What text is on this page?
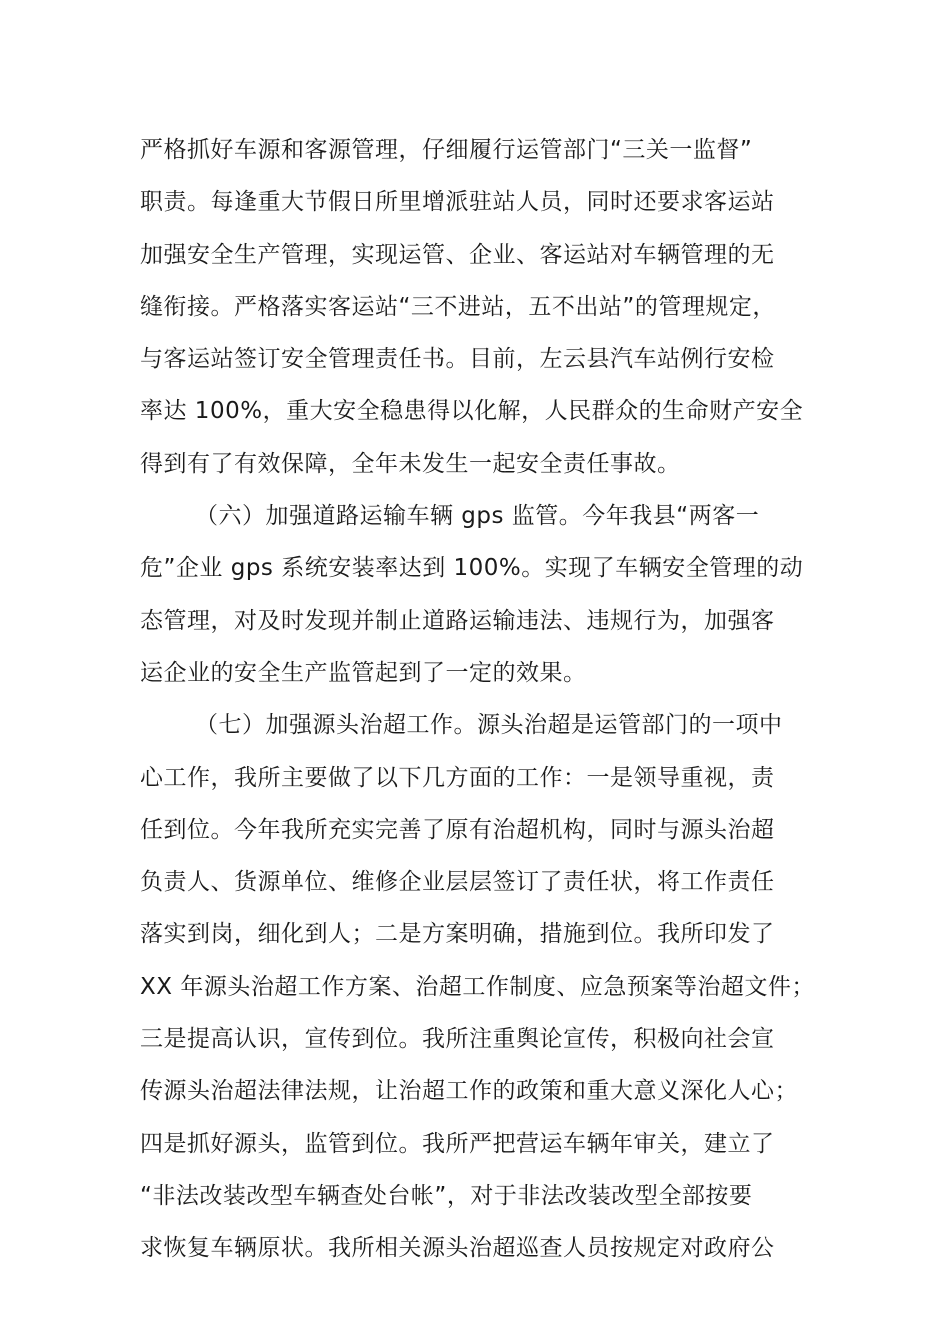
严格抓好车源和客源管理，仔细履行运管部门“三关一监督”
职责。每逢重大节假日所里增派驻站人员，同时还要求客运站
加强安全生产管理，实现运管、企业、客运站对车辆管理的无
缝衔接。严格落实客运站“三不进站，五不出站”的管理规定，
与客运站签订安全管理责任书。目前，左云县汽车站例行安检
率达 100%，重大安全稳患得以化解，人民群众的生命财产安全
得到有了有效保障，全年未发生一起安全责任事故。
（六）加强道路运输车辆 gps 监管。今年我县“两客一
危”企业 gps 系统安装率达到 100%。实现了车辆安全管理的动
态管理，对及时发现并制止道路运输违法、违规行为，加强客
运企业的安全生产监管起到了一定的效果。
（七）加强源头治超工作。源头治超是运管部门的一项中
心工作，我所主要做了以下几方面的工作：一是领导重视，责
任到位。今年我所充实完善了原有治超机构，同时与源头治超
负责人、货源单位、维修企业层层签订了责任状，将工作责任
落实到岗，细化到人；二是方案明确，措施到位。我所印发了
XX 年源头治超工作方案、治超工作制度、应急预案等治超文件；
三是提高认识，宣传到位。我所注重舆论宣传，积极向社会宣
传源头治超法律法规，让治超工作的政策和重大意义深化人心；
四是抓好源头，监管到位。我所严把营运车辆年审关，建立了
“非法改装改型车辆查处台帐”，对于非法改装改型全部按要
求恢复车辆原状。我所相关源头治超巡查人员按规定对政府公
